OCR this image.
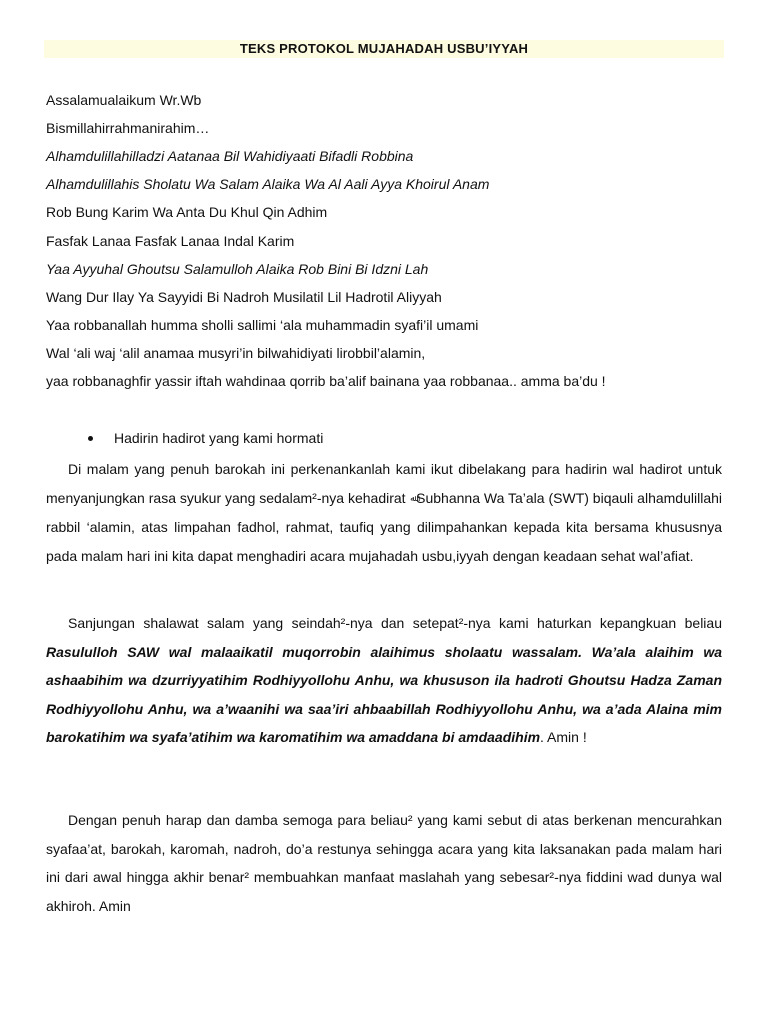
TEKS PROTOKOL MUJAHADAH USBU’IYYAH
Assalamualaikum Wr.Wb
Bismillahirrahmanirahim…
Alhamdulillahilladzi Aatanaa Bil Wahidiyaati Bifadli Robbina
Alhamdulillahis Sholatu Wa Salam Alaika Wa Al Aali Ayya Khoirul Anam
Rob Bung Karim Wa Anta Du Khul Qin Adhim
Fasfak Lanaa Fasfak Lanaa Indal Karim
Yaa Ayyuhal Ghoutsu Salamulloh Alaika Rob Bini Bi Idzni Lah
Wang Dur Ilay Ya Sayyidi Bi Nadroh Musilatil Lil Hadrotil Aliyyah
Yaa robbanallah humma sholli sallimi ‘ala muhammadin syafi’il umami
Wal ‘ali waj ‘alil anamaa musyri’in bilwahidiyati lirobbil’alamin,
yaa robbanaghfir yassir iftah wahdinaa qorrib ba’alif bainana yaa robbanaa.. amma ba’du !
Hadirin hadirot yang kami hormati

Di malam yang penuh barokah ini perkenankanlah kami ikut dibelakang para hadirin wal hadirot untuk menyanjungkan rasa syukur yang sedalam²-nya kehadirat ﷲSubhanna Wa Ta’ala (SWT) biqauli alhamdulillahi rabbil ‘alamin, atas limpahan fadhol, rahmat, taufiq yang dilimpahankan kepada kita bersama khususnya pada malam hari ini kita dapat menghadiri acara mujahadah usbu,iyyah dengan keadaan sehat wal’afiat.

Sanjungan shalawat salam yang seindah²-nya dan setepat²-nya kami haturkan kepangkuan beliau Rasululloh SAW wal malaaikatil muqorrobin alaihimus sholaatu wassalam. Wa’ala alaihim wa ashaabihim wa dzurriyyatihim Rodhiyyollohu Anhu, wa khususon ila hadroti Ghoutsu Hadza Zaman Rodhiyyollohu Anhu, wa a’waanihi wa saa’iri ahbaabillah Rodhiyyollohu Anhu, wa a’ada Alaina mim barokatihim wa syafa’atihim wa karomatihim wa amaddana bi amdaadihim. Amin !

Dengan penuh harap dan damba semoga para beliau² yang kami sebut di atas berkenan mencurahkan syafaa’at, barokah, karomah, nadroh, do’a restunya sehingga acara yang kita laksanakan pada malam hari ini dari awal hingga akhir benar² membuahkan manfaat maslahah yang sebesar²-nya fiddini wad dunya wal akhiroh. Amin
